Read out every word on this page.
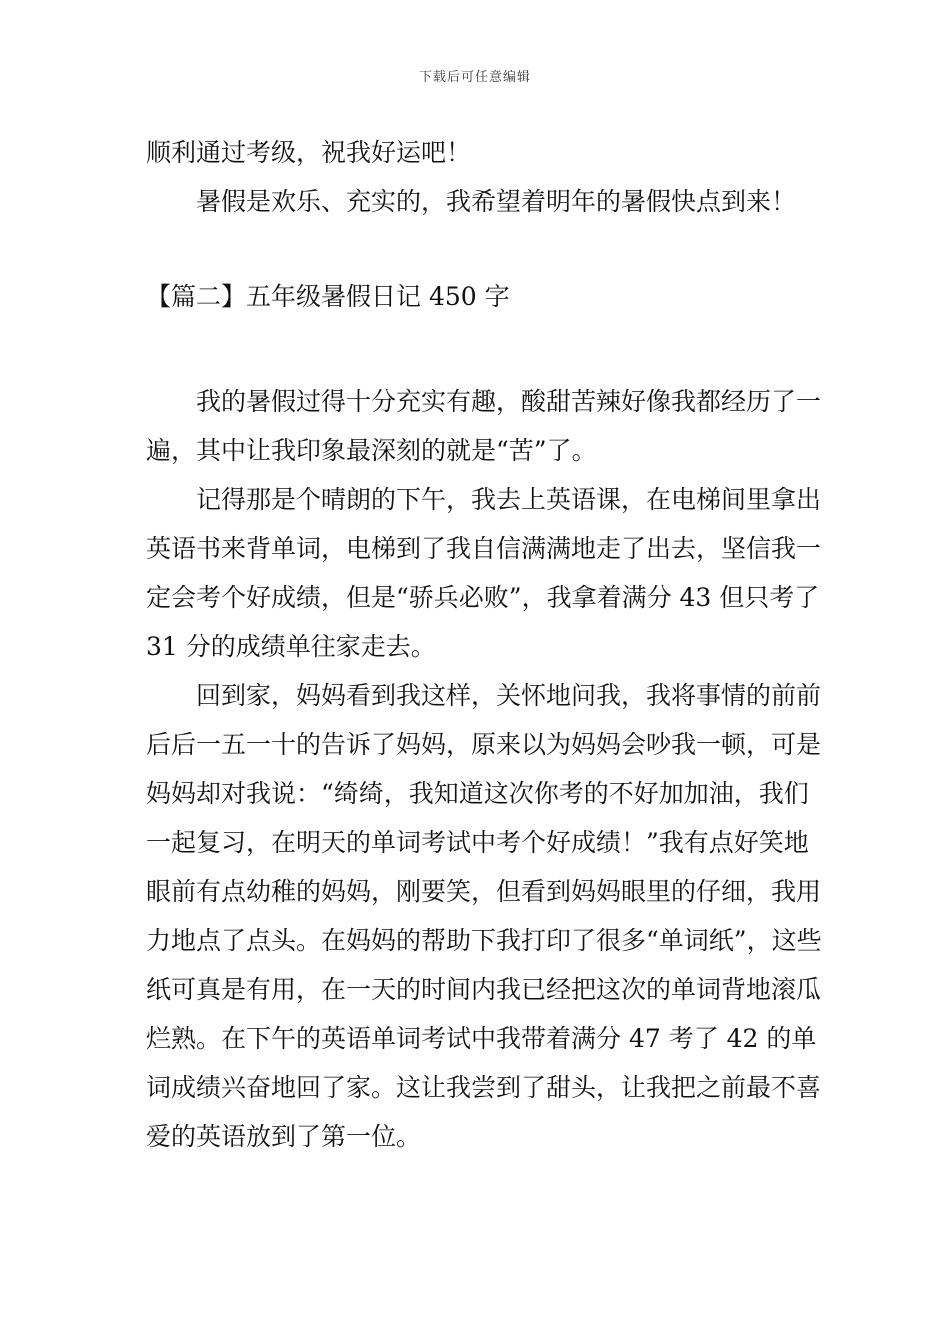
下载后可任意编辑

顺利通过考级，祝我好运吧！

暑假是欢乐、充实的，我希望着明年的暑假快点到来！

【篇二】五年级暑假日记 450 字

我的暑假过得十分充实有趣，酸甜苦辣好像我都经历了一遍，其中让我印象最深刻的就是“苦”了。

记得那是个晴朗的下午，我去上英语课，在电梯间里拿出英语书来背单词，电梯到了我自信满满地走了出去，坚信我一定会考个好成绩，但是“骄兵必败”，我拿着满分 43 但只考了 31 分的成绩单往家走去。

回到家，妈妈看到我这样，关怀地问我，我将事情的前前后后一五一十的告诉了妈妈，原来以为妈妈会吵我一顿，可是妈妈却对我说：“绮绮，我知道这次你考的不好加加油，我们一起复习，在明天的单词考试中考个好成绩！”我有点好笑地眼前有点幼稚的妈妈，刚要笑，但看到妈妈眼里的仔细，我用力地点了点头。在妈妈的帮助下我打印了很多“单词纸”，这些纸可真是有用，在一天的时间内我已经把这次的单词背地滚瓜烂熟。在下午的英语单词考试中我带着满分 47 考了 42 的单词成绩兴奋地回了家。这让我尝到了甜头，让我把之前最不喜爱的英语放到了第一位。
